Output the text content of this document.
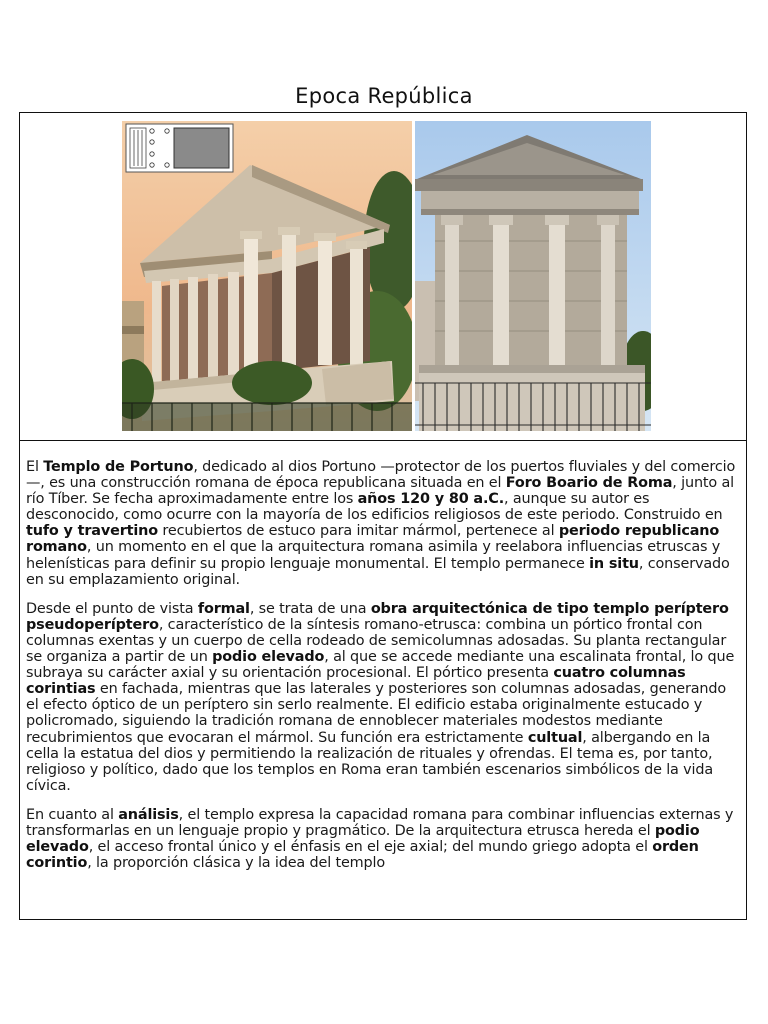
Epoca República

El Templo de Portuno, dedicado al dios Portuno —protector de los puertos fluviales y del comercio—, es una construcción romana de época republicana situada en el Foro Boario de Roma, junto al río Tíber. Se fecha aproximadamente entre los años 120 y 80 a.C., aunque su autor es desconocido, como ocurre con la mayoría de los edificios religiosos de este periodo. Construido en tufo y travertino recubiertos de estuco para imitar mármol, pertenece al periodo republicano romano, un momento en el que la arquitectura romana asimila y reelabora influencias etruscas y helenísticas para definir su propio lenguaje monumental. El templo permanece in situ, conservado en su emplazamiento original.

Desde el punto de vista formal, se trata de una obra arquitectónica de tipo templo períptero pseudoperíptero, característico de la síntesis romano-etrusca: combina un pórtico frontal con columnas exentas y un cuerpo de cella rodeado de semicolumnas adosadas. Su planta rectangular se organiza a partir de un podio elevado, al que se accede mediante una escalinata frontal, lo que subraya su carácter axial y su orientación procesional. El pórtico presenta cuatro columnas corintias en fachada, mientras que las laterales y posteriores son columnas adosadas, generando el efecto óptico de un períptero sin serlo realmente. El edificio estaba originalmente estucado y policromado, siguiendo la tradición romana de ennoblecer materiales modestos mediante recubrimientos que evocaran el mármol. Su función era estrictamente cultual, albergando en la cella la estatua del dios y permitiendo la realización de rituales y ofrendas. El tema es, por tanto, religioso y político, dado que los templos en Roma eran también escenarios simbólicos de la vida cívica.

En cuanto al análisis, el templo expresa la capacidad romana para combinar influencias externas y transformarlas en un lenguaje propio y pragmático. De la arquitectura etrusca hereda el podio elevado, el acceso frontal único y el énfasis en el eje axial; del mundo griego adopta el orden corintio, la proporción clásica y la idea del templo
